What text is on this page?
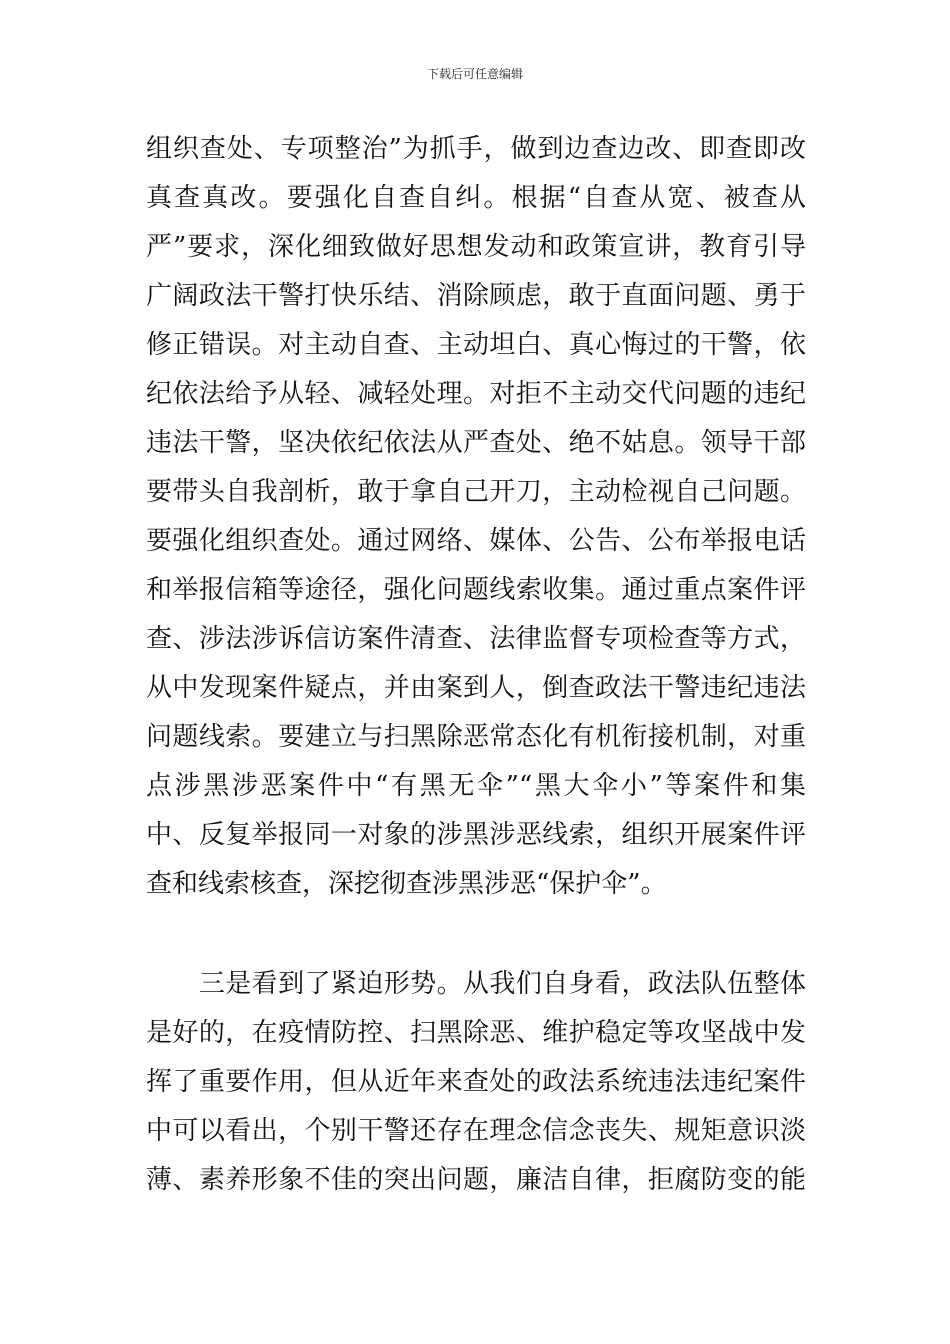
下载后可任意编辑
组织查处、专项整治”为抓手，做到边查边改、即查即改
真查真改。要强化自查自纠。根据“自查从宽、被查从
严”要求，深化细致做好思想发动和政策宣讲，教育引导
广阔政法干警打快乐结、消除顾虑，敢于直面问题、勇于
修正错误。对主动自查、主动坦白、真心悔过的干警，依
纪依法给予从轻、减轻处理。对拒不主动交代问题的违纪
违法干警，坚决依纪依法从严查处、绝不姑息。领导干部
要带头自我剖析，敢于拿自己开刀，主动检视自己问题。
要强化组织查处。通过网络、媒体、公告、公布举报电话
和举报信箱等途径，强化问题线索收集。通过重点案件评
查、涉法涉诉信访案件清查、法律监督专项检查等方式，
从中发现案件疑点，并由案到人，倒查政法干警违纪违法
问题线索。要建立与扫黑除恶常态化有机衔接机制，对重
点涉黑涉恶案件中“有黑无伞”“黑大伞小”等案件和集
中、反复举报同一对象的涉黑涉恶线索，组织开展案件评
查和线索核查，深挖彻查涉黑涉恶“保护伞”。
　　三是看到了紧迫形势。从我们自身看，政法队伍整体
是好的，在疫情防控、扫黑除恶、维护稳定等攻坚战中发
挥了重要作用，但从近年来查处的政法系统违法违纪案件
中可以看出，个别干警还存在理念信念丧失、规矩意识淡
薄、素养形象不佳的突出问题，廉洁自律，拒腐防变的能
